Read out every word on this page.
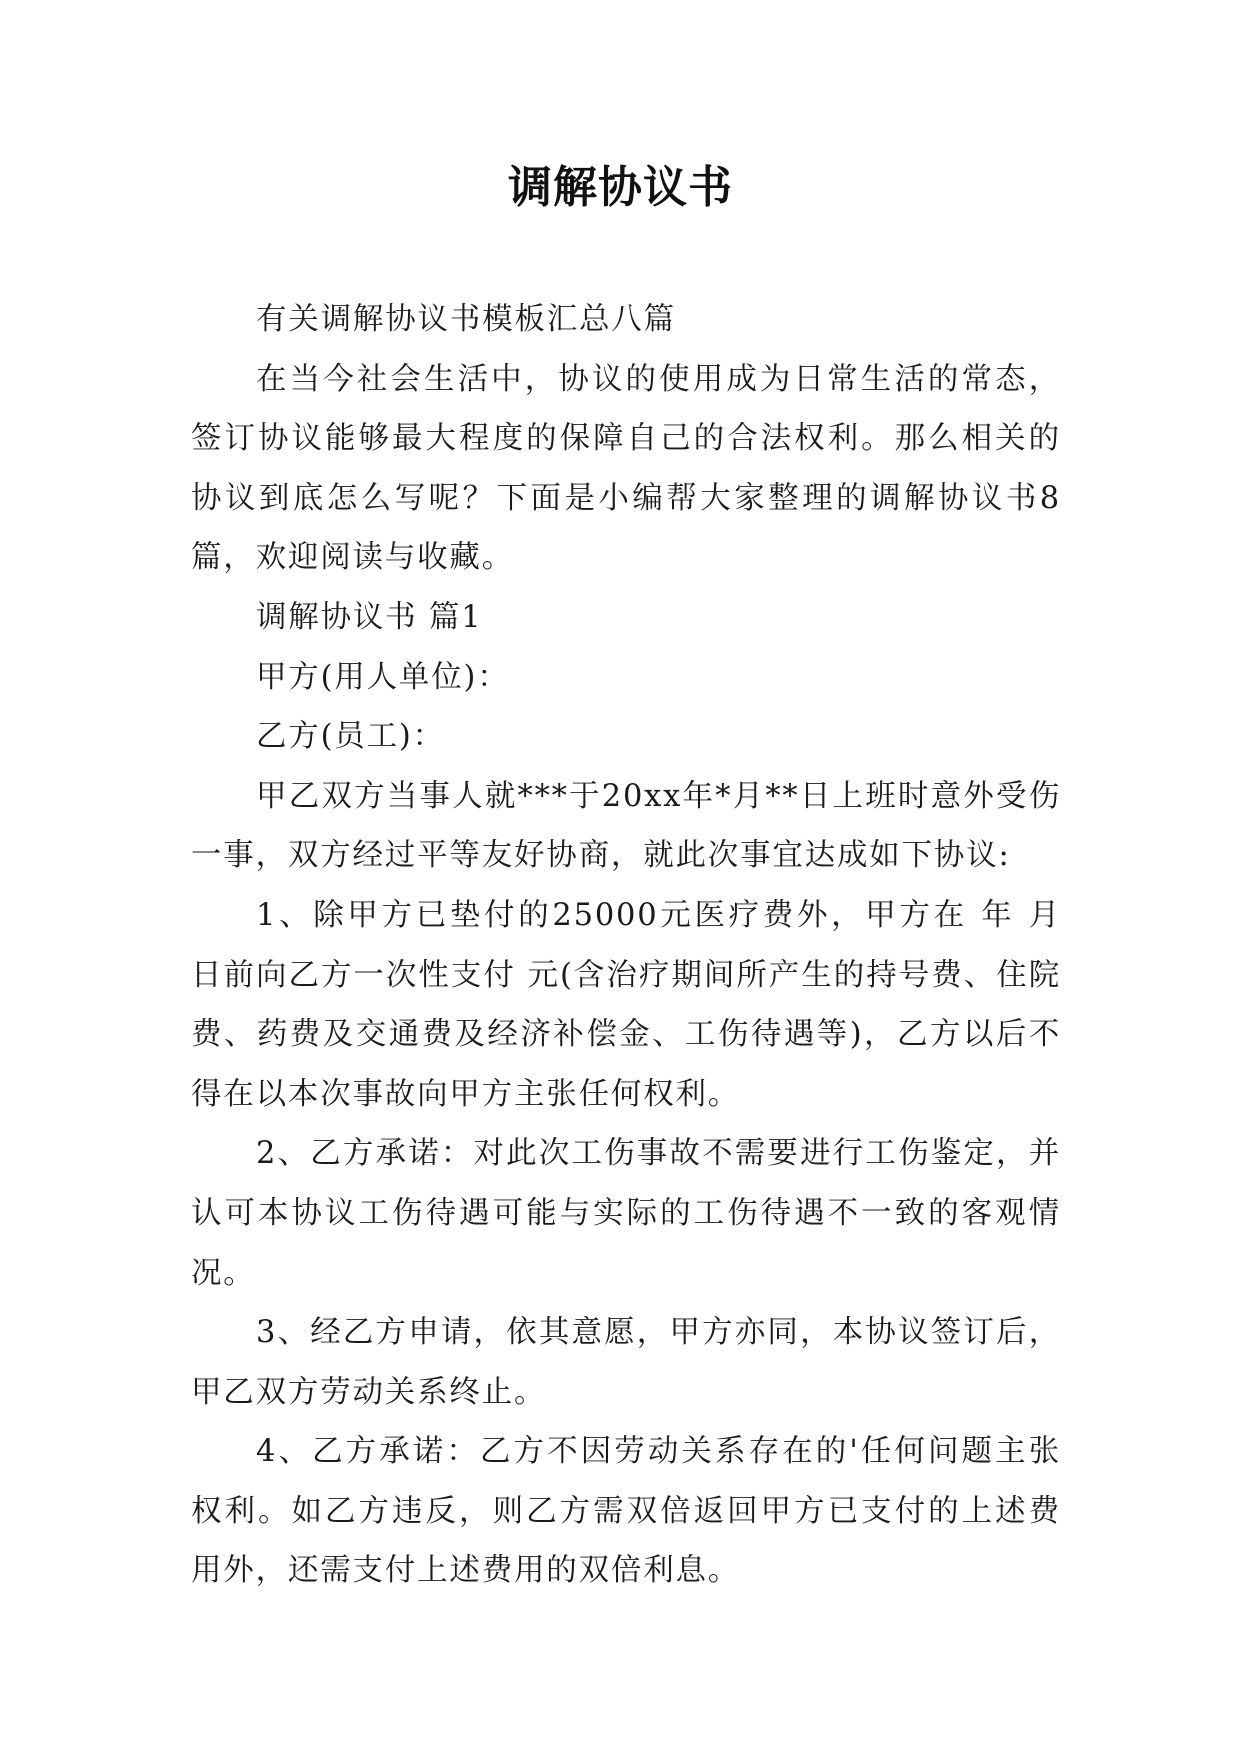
调解协议书

有关调解协议书模板汇总八篇

在当今社会生活中，协议的使用成为日常生活的常态，签订协议能够最大程度的保障自己的合法权利。那么相关的协议到底怎么写呢？下面是小编帮大家整理的调解协议书8篇，欢迎阅读与收藏。

调解协议书 篇1

甲方(用人单位)：

乙方(员工)：

甲乙双方当事人就***于20xx年*月**日上班时意外受伤一事，双方经过平等友好协商，就此次事宜达成如下协议:

1、除甲方已垫付的25000元医疗费外，甲方在 年 月 日前向乙方一次性支付 元(含治疗期间所产生的持号费、住院费、药费及交通费及经济补偿金、工伤待遇等)，乙方以后不得在以本次事故向甲方主张任何权利。

2、乙方承诺：对此次工伤事故不需要进行工伤鉴定，并认可本协议工伤待遇可能与实际的工伤待遇不一致的客观情况。

3、经乙方申请，依其意愿，甲方亦同，本协议签订后，甲乙双方劳动关系终止。

4、乙方承诺：乙方不因劳动关系存在的'任何问题主张权利。如乙方违反，则乙方需双倍返回甲方已支付的上述费用外，还需支付上述费用的双倍利息。
